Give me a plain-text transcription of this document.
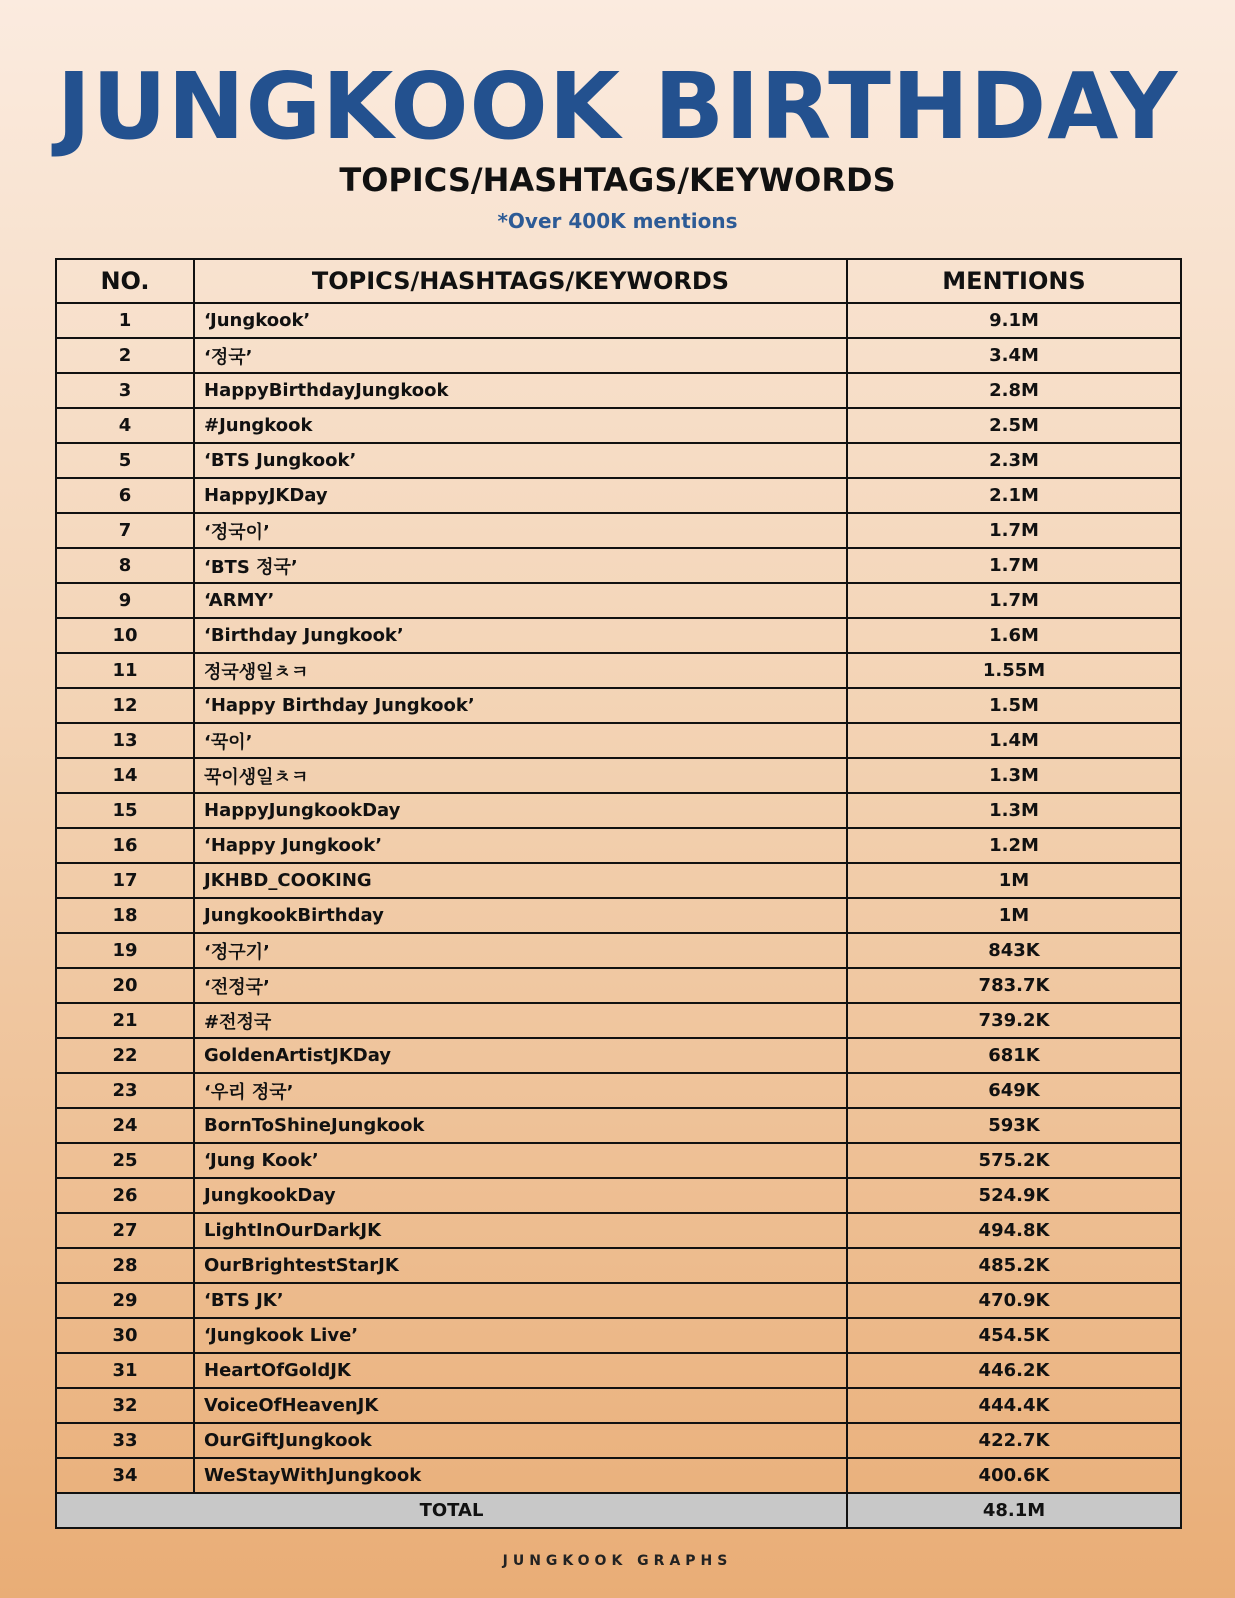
JUNGKOOK BIRTHDAY
TOPICS/HASHTAGS/KEYWORDS
*Over 400K mentions
NO.	TOPICS/HASHTAGS/KEYWORDS	MENTIONS
1	‘Jungkook’	9.1M
2	‘정국’	3.4M
3	HappyBirthdayJungkook	2.8M
4	#Jungkook	2.5M
5	‘BTS Jungkook’	2.3M
6	HappyJKDay	2.1M
7	‘정국이’	1.7M
8	‘BTS 정국’	1.7M
9	‘ARMY’	1.7M
10	‘Birthday Jungkook’	1.6M
11	정국생일ㅊㅋ	1.55M
12	‘Happy Birthday Jungkook’	1.5M
13	‘꾹이’	1.4M
14	꾹이생일ㅊㅋ	1.3M
15	HappyJungkookDay	1.3M
16	‘Happy Jungkook’	1.2M
17	JKHBD_COOKING	1M
18	JungkookBirthday	1M
19	‘정구기’	843K
20	‘전정국’	783.7K
21	#전정국	739.2K
22	GoldenArtistJKDay	681K
23	‘우리 정국’	649K
24	BornToShineJungkook	593K
25	‘Jung Kook’	575.2K
26	JungkookDay	524.9K
27	LightInOurDarkJK	494.8K
28	OurBrightestStarJK	485.2K
29	‘BTS JK’	470.9K
30	‘Jungkook Live’	454.5K
31	HeartOfGoldJK	446.2K
32	VoiceOfHeavenJK	444.4K
33	OurGiftJungkook	422.7K
34	WeStayWithJungkook	400.6K
TOTAL		48.1M
JUNGKOOK GRAPHS
